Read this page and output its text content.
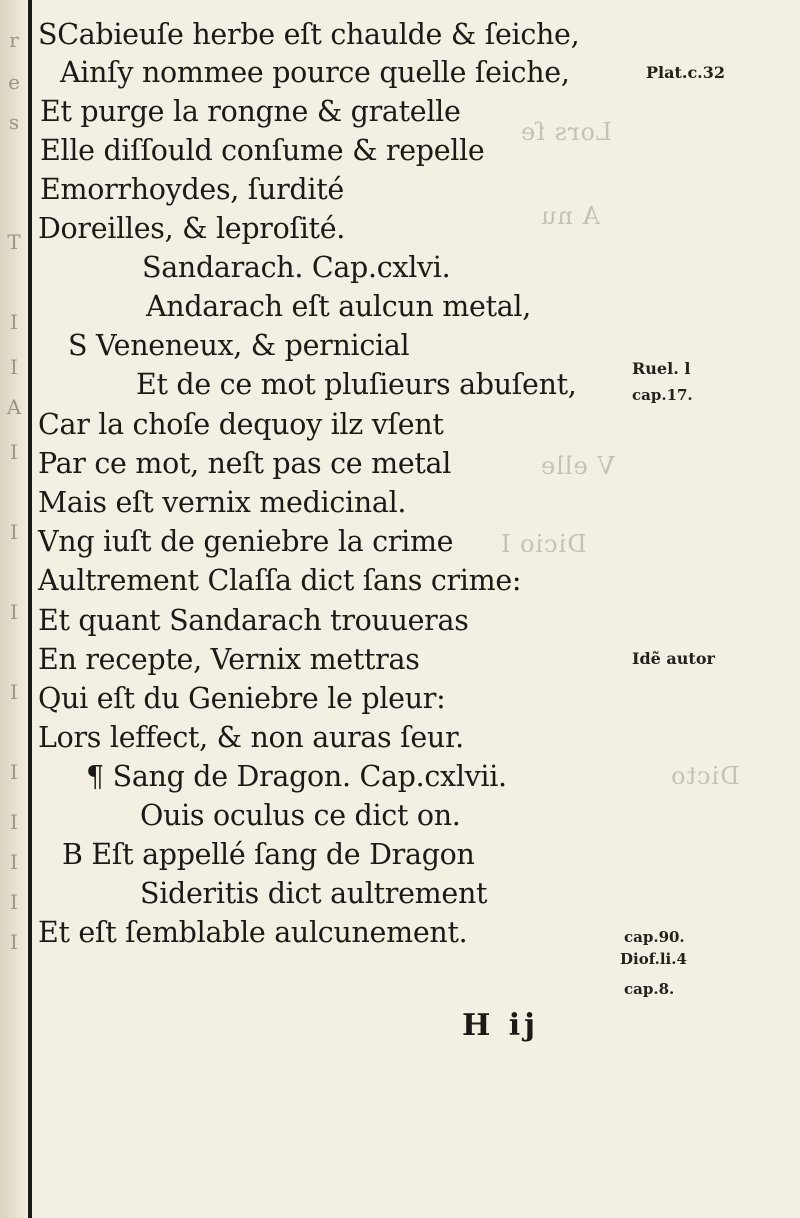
r
e
s
T
I
I
I
A
I
I
I
I
I
I
I
I
Lors ſe
A nu
V elle
Dicio I
Dicto
SCabieuſe herbe eſt chaulde & ſeiche,
Ainſy nommee pource quelle ſeiche,
Et purge la rongne & gratelle
Elle diſſould conſume & repelle
Emorrhoydes, ſurdité
Doreilles, & leproſité.
Sandarach. Cap.cxlvi.
Andarach eſt aulcun metal,
S Veneneux, & pernicial
Et de ce mot pluſieurs abuſent,
Car la choſe dequoy ilz vſent
Par ce mot, neſt pas ce metal
Mais eſt vernix medicinal.
Vng iuſt de geniebre la crime
Aultrement Claſſa dict ſans crime:
Et quant Sandarach trouueras
En recepte, Vernix mettras
Qui eſt du Geniebre le pleur:
Lors leffect, & non auras ſeur.
¶ Sang de Dragon. Cap.cxlvii.
Ouis oculus ce dict on.
B Eſt appellé ſang de Dragon
Sideritis dict aultrement
Et eſt ſemblable aulcunement.
Plat.c.32
Ruel. l
cap.17.
Idẽ autor
cap.90.
Diof.li.4
cap.8.
H ij
